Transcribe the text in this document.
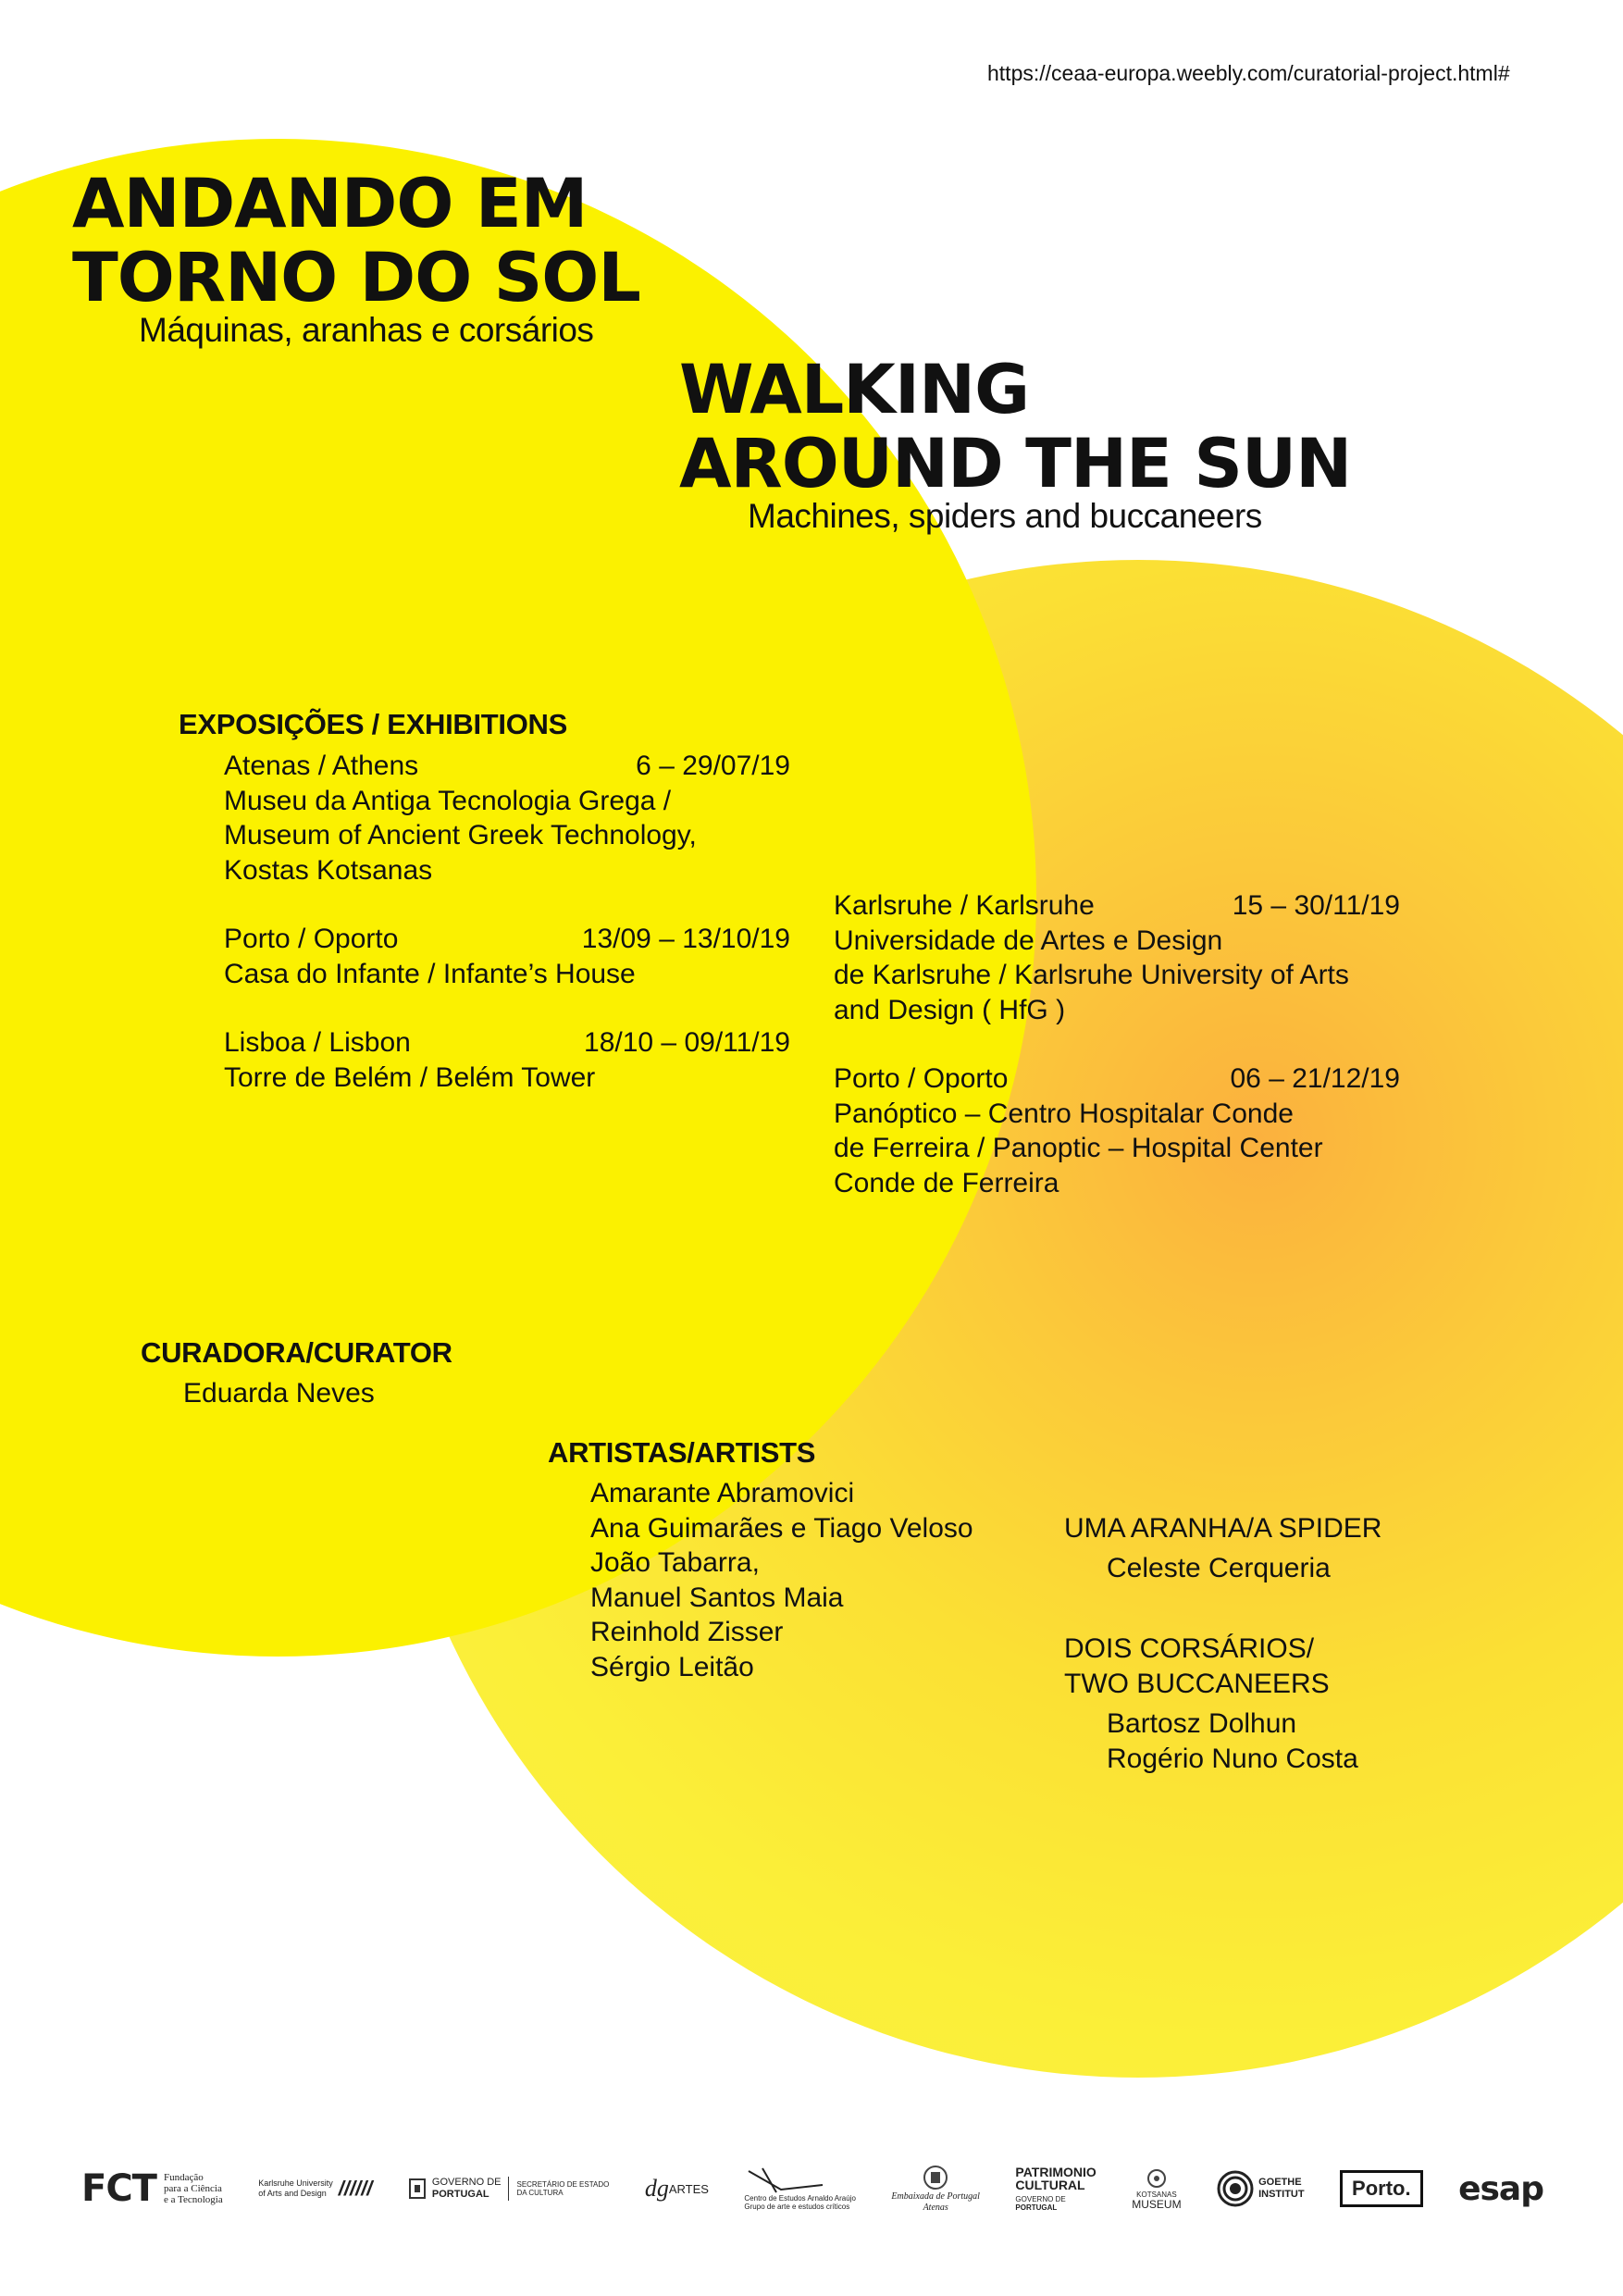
https://ceaa-europa.weebly.com/curatorial-project.html#
ANDANDO EM
TORNO DO SOL
Máquinas, aranhas e corsários
WALKING
AROUND THE SUN
Machines, spiders and buccaneers
EXPOSIÇÕES / EXHIBITIONS
Atenas / Athens	6 – 29/07/19
Museu da Antiga Tecnologia Grega /
Museum of Ancient Greek Technology,
Kostas Kotsanas
Porto / Oporto	13/09 – 13/10/19
Casa do Infante / Infante’s House
Lisboa / Lisbon	18/10 – 09/11/19
Torre de Belém / Belém Tower
Karlsruhe / Karlsruhe	15 – 30/11/19
Universidade de Artes e Design
de Karlsruhe / Karlsruhe University of Arts
and Design ( HfG )
Porto / Oporto	06 – 21/12/19
Panóptico – Centro Hospitalar Conde
de Ferreira / Panoptic – Hospital Center
Conde de Ferreira
CURADORA/CURATOR
Eduarda Neves
ARTISTAS/ARTISTS
Amarante Abramovici
Ana Guimarães e Tiago Veloso
João Tabarra,
Manuel Santos Maia
Reinhold Zisser
Sérgio Leitão
UMA ARANHA/A SPIDER
Celeste Cerqueria
DOIS CORSÁRIOS/
TWO BUCCANEERS
Bartosz Dolhun
Rogério Nuno Costa
FCT Fundação
para a Ciência
e a Tecnologia
Karlsruhe University
of Arts and Design //////	GOVERNO DE
PORTUGAL
SECRETÁRIO DE ESTADO
DA CULTURA	dg ARTES
Centro de Estudos Arnaldo Araújo
Grupo de arte e estudos críticos
Embaixada de Portugal
Atenas
PATRIMONIO
CULTURAL
GOVERNO DE
PORTUGAL
KOTSANAS
MUSEUM
GOETHE
INSTITUT	Porto.	esap
